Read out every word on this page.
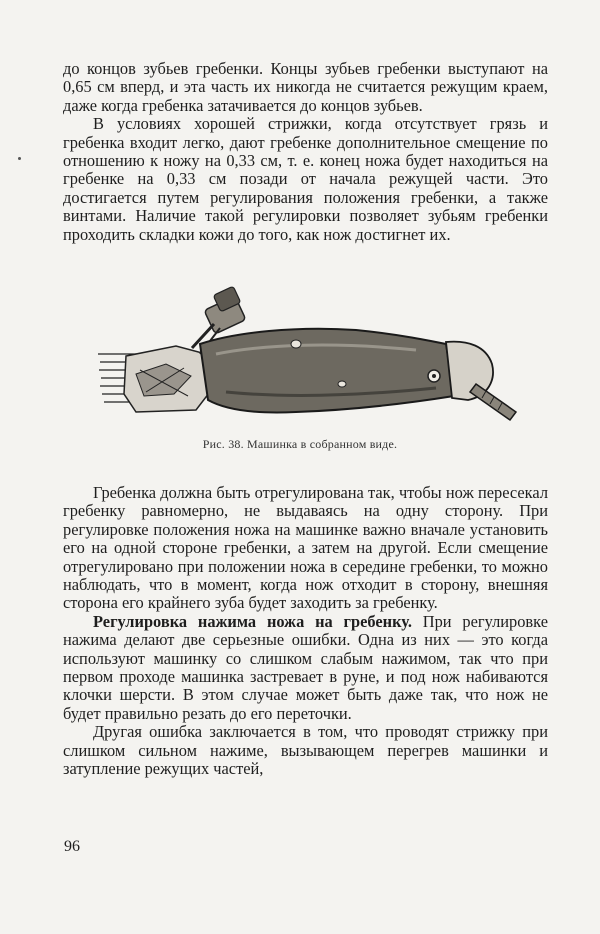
до концов зубьев гребенки. Концы зубьев гребенки выступают на 0,65 см вперд, и эта часть их никогда не считается режущим краем, даже когда гребенка затачивается до концов зубьев.

В условиях хорошей стрижки, когда отсутствует грязь и гребенка входит легко, дают гребенке дополнительное смещение по отношению к ножу на 0,33 см, т. е. конец ножа будет находиться на гребенке на 0,33 см позади от начала режущей части. Это достигается путем регулирования положения гребенки, а также винтами. Наличие такой регулировки позволяет зубьям гребенки проходить складки кожи до того, как нож достигнет их.

Рис. 38. Машинка в собранном виде.

Гребенка должна быть отрегулирована так, чтобы нож пересекал гребенку равномерно, не выдаваясь на одну сторону. При регулировке положения ножа на машинке важно вначале установить его на одной стороне гребенки, а затем на другой. Если смещение отрегулировано при положении ножа в середине гребенки, то можно наблюдать, что в момент, когда нож отходит в сторону, внешняя сторона его крайнего зуба будет заходить за гребенку.

Регулировка нажима ножа на гребенку. При регулировке нажима делают две серьезные ошибки. Одна из них — это когда используют машинку со слишком слабым нажимом, так что при первом проходе машинка застревает в руне, и под нож набиваются клочки шерсти. В этом случае может быть даже так, что нож не будет правильно резать до его переточки.

Другая ошибка заключается в том, что проводят стрижку при слишком сильном нажиме, вызывающем перегрев машинки и затупление режущих частей,

96
